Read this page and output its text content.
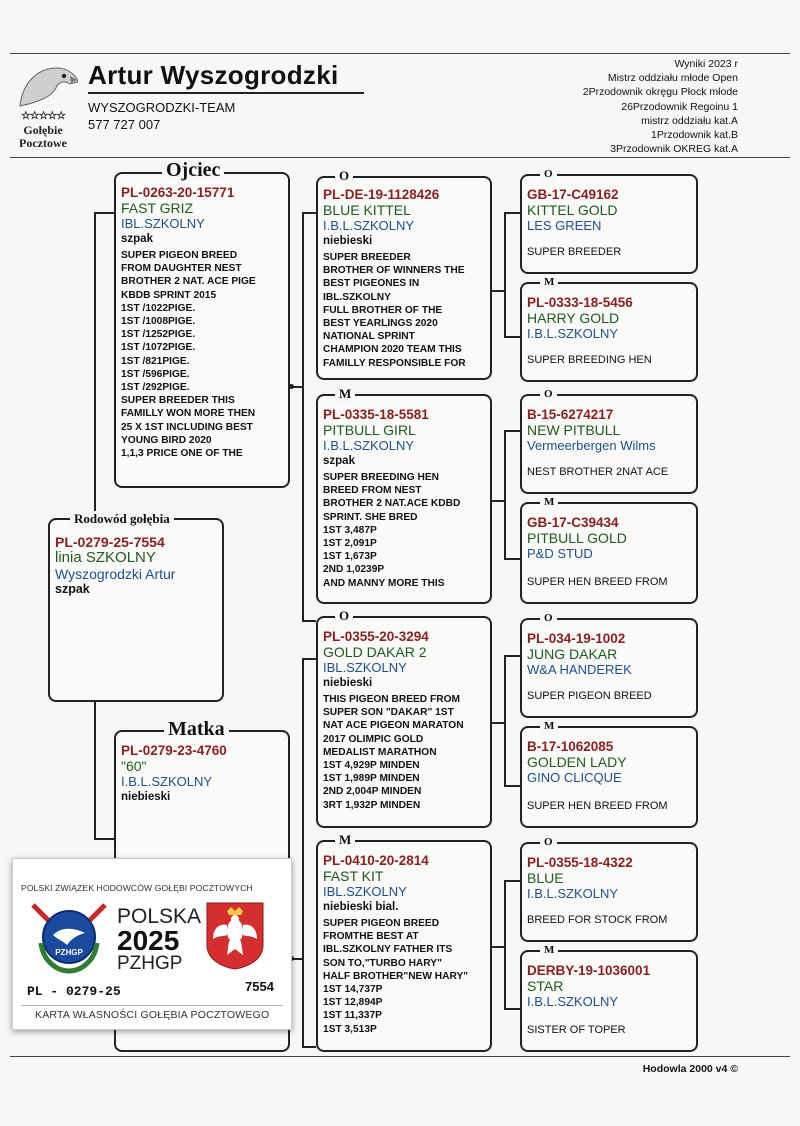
☆☆☆☆☆
Gołębie
Pocztowe
Artur Wyszogrodzki
WYSZOGRODZKI-TEAM
577 727 007
Wyniki 2023 r
Mistrz oddziału młode Open
2Przodownik okręgu Płock młode
26Przodownik Regoinu 1
mistrz oddziału kat.A
1Przodownik kat.B
3Przodownik OKREG kat.A
PL-0279-25-7554
linia SZKOLNY
Wyszogrodzki Artur
szpak
Rodowód gołębia
PL-0263-20-15771
FAST GRIZ
IBL.SZKOLNY
szpak
SUPER PIGEON BREED
FROM DAUGHTER NEST
BROTHER 2 NAT. ACE PIGE
KBDB SPRINT 2015
1ST /1022PIGE.
1ST /1008PIGE.
1ST /1252PIGE.
1ST /1072PIGE.
1ST /821PIGE.
1ST /596PIGE.
1ST /292PIGE.
SUPER BREEDER THIS
FAMILLY WON MORE THEN
25 X 1ST INCLUDING BEST
YOUNG BIRD 2020
1,1,3 PRICE ONE OF THE
Ojciec
PL-0279-23-4760
"60"
I.B.L.SZKOLNY
niebieski
Matka
PL-DE-19-1128426
BLUE KITTEL
I.B.L.SZKOLNY
niebieski
SUPER BREEDER
BROTHER OF WINNERS THE
BEST PIGEONES IN
IBL.SZKOLNY
FULL BROTHER OF THE
BEST YEARLINGS 2020
NATIONAL SPRINT
CHAMPION 2020 TEAM THIS
FAMILLY RESPONSIBLE FOR
O
PL-0335-18-5581
PITBULL GIRL
I.B.L.SZKOLNY
szpak
SUPER BREEDING HEN
BREED FROM NEST
BROTHER 2 NAT.ACE KDBD
SPRINT. SHE BRED
1ST 3,487P
1ST 2,091P
1ST 1,673P
2ND 1,0239P
AND MANNY MORE THIS
M
PL-0355-20-3294
GOLD DAKAR 2
IBL.SZKOLNY
niebieski
THIS PIGEON BREED FROM
SUPER SON "DAKAR" 1ST
NAT ACE PIGEON MARATON
2017 OLIMPIC GOLD
MEDALIST MARATHON
1ST 4,929P MINDEN
1ST 1,989P MINDEN
2ND 2,004P MINDEN
3RT 1,932P MINDEN
O
PL-0410-20-2814
FAST KIT
IBL.SZKOLNY
niebieski bial.
SUPER PIGEON BREED
FROMTHE BEST AT
IBL.SZKOLNY FATHER ITS
SON TO,"TURBO HARY"
HALF BROTHER"NEW HARY"
1ST 14,737P
1ST 12,894P
1ST 11,337P
1ST 3,513P
M
GB-17-C49162
KITTEL GOLD
LES GREEN
SUPER BREEDER
O
PL-0333-18-5456
HARRY GOLD
I.B.L.SZKOLNY
SUPER BREEDING HEN
M
B-15-6274217
NEW PITBULL
Vermeerbergen Wilms
NEST BROTHER 2NAT ACE
O
GB-17-C39434
PITBULL GOLD
P&D STUD
SUPER HEN BREED FROM
M
PL-034-19-1002
JUNG DAKAR
W&A HANDEREK
SUPER PIGEON BREED
O
B-17-1062085
GOLDEN LADY
GINO CLICQUE
SUPER HEN BREED FROM
M
PL-0355-18-4322
BLUE
I.B.L.SZKOLNY
BREED FOR STOCK FROM
O
DERBY-19-1036001
STAR
I.B.L.SZKOLNY
SISTER OF TOPER
M
POLSKI ZWIĄZEK HODOWCÓW GOŁĘBI POCZTOWYCH
PZHGP
POLSKA
2025
PZHGP
PL - 0279-25	7554
KARTA WŁASNOŚCI GOŁĘBIA POCZTOWEGO
Hodowla 2000 v4 ©
